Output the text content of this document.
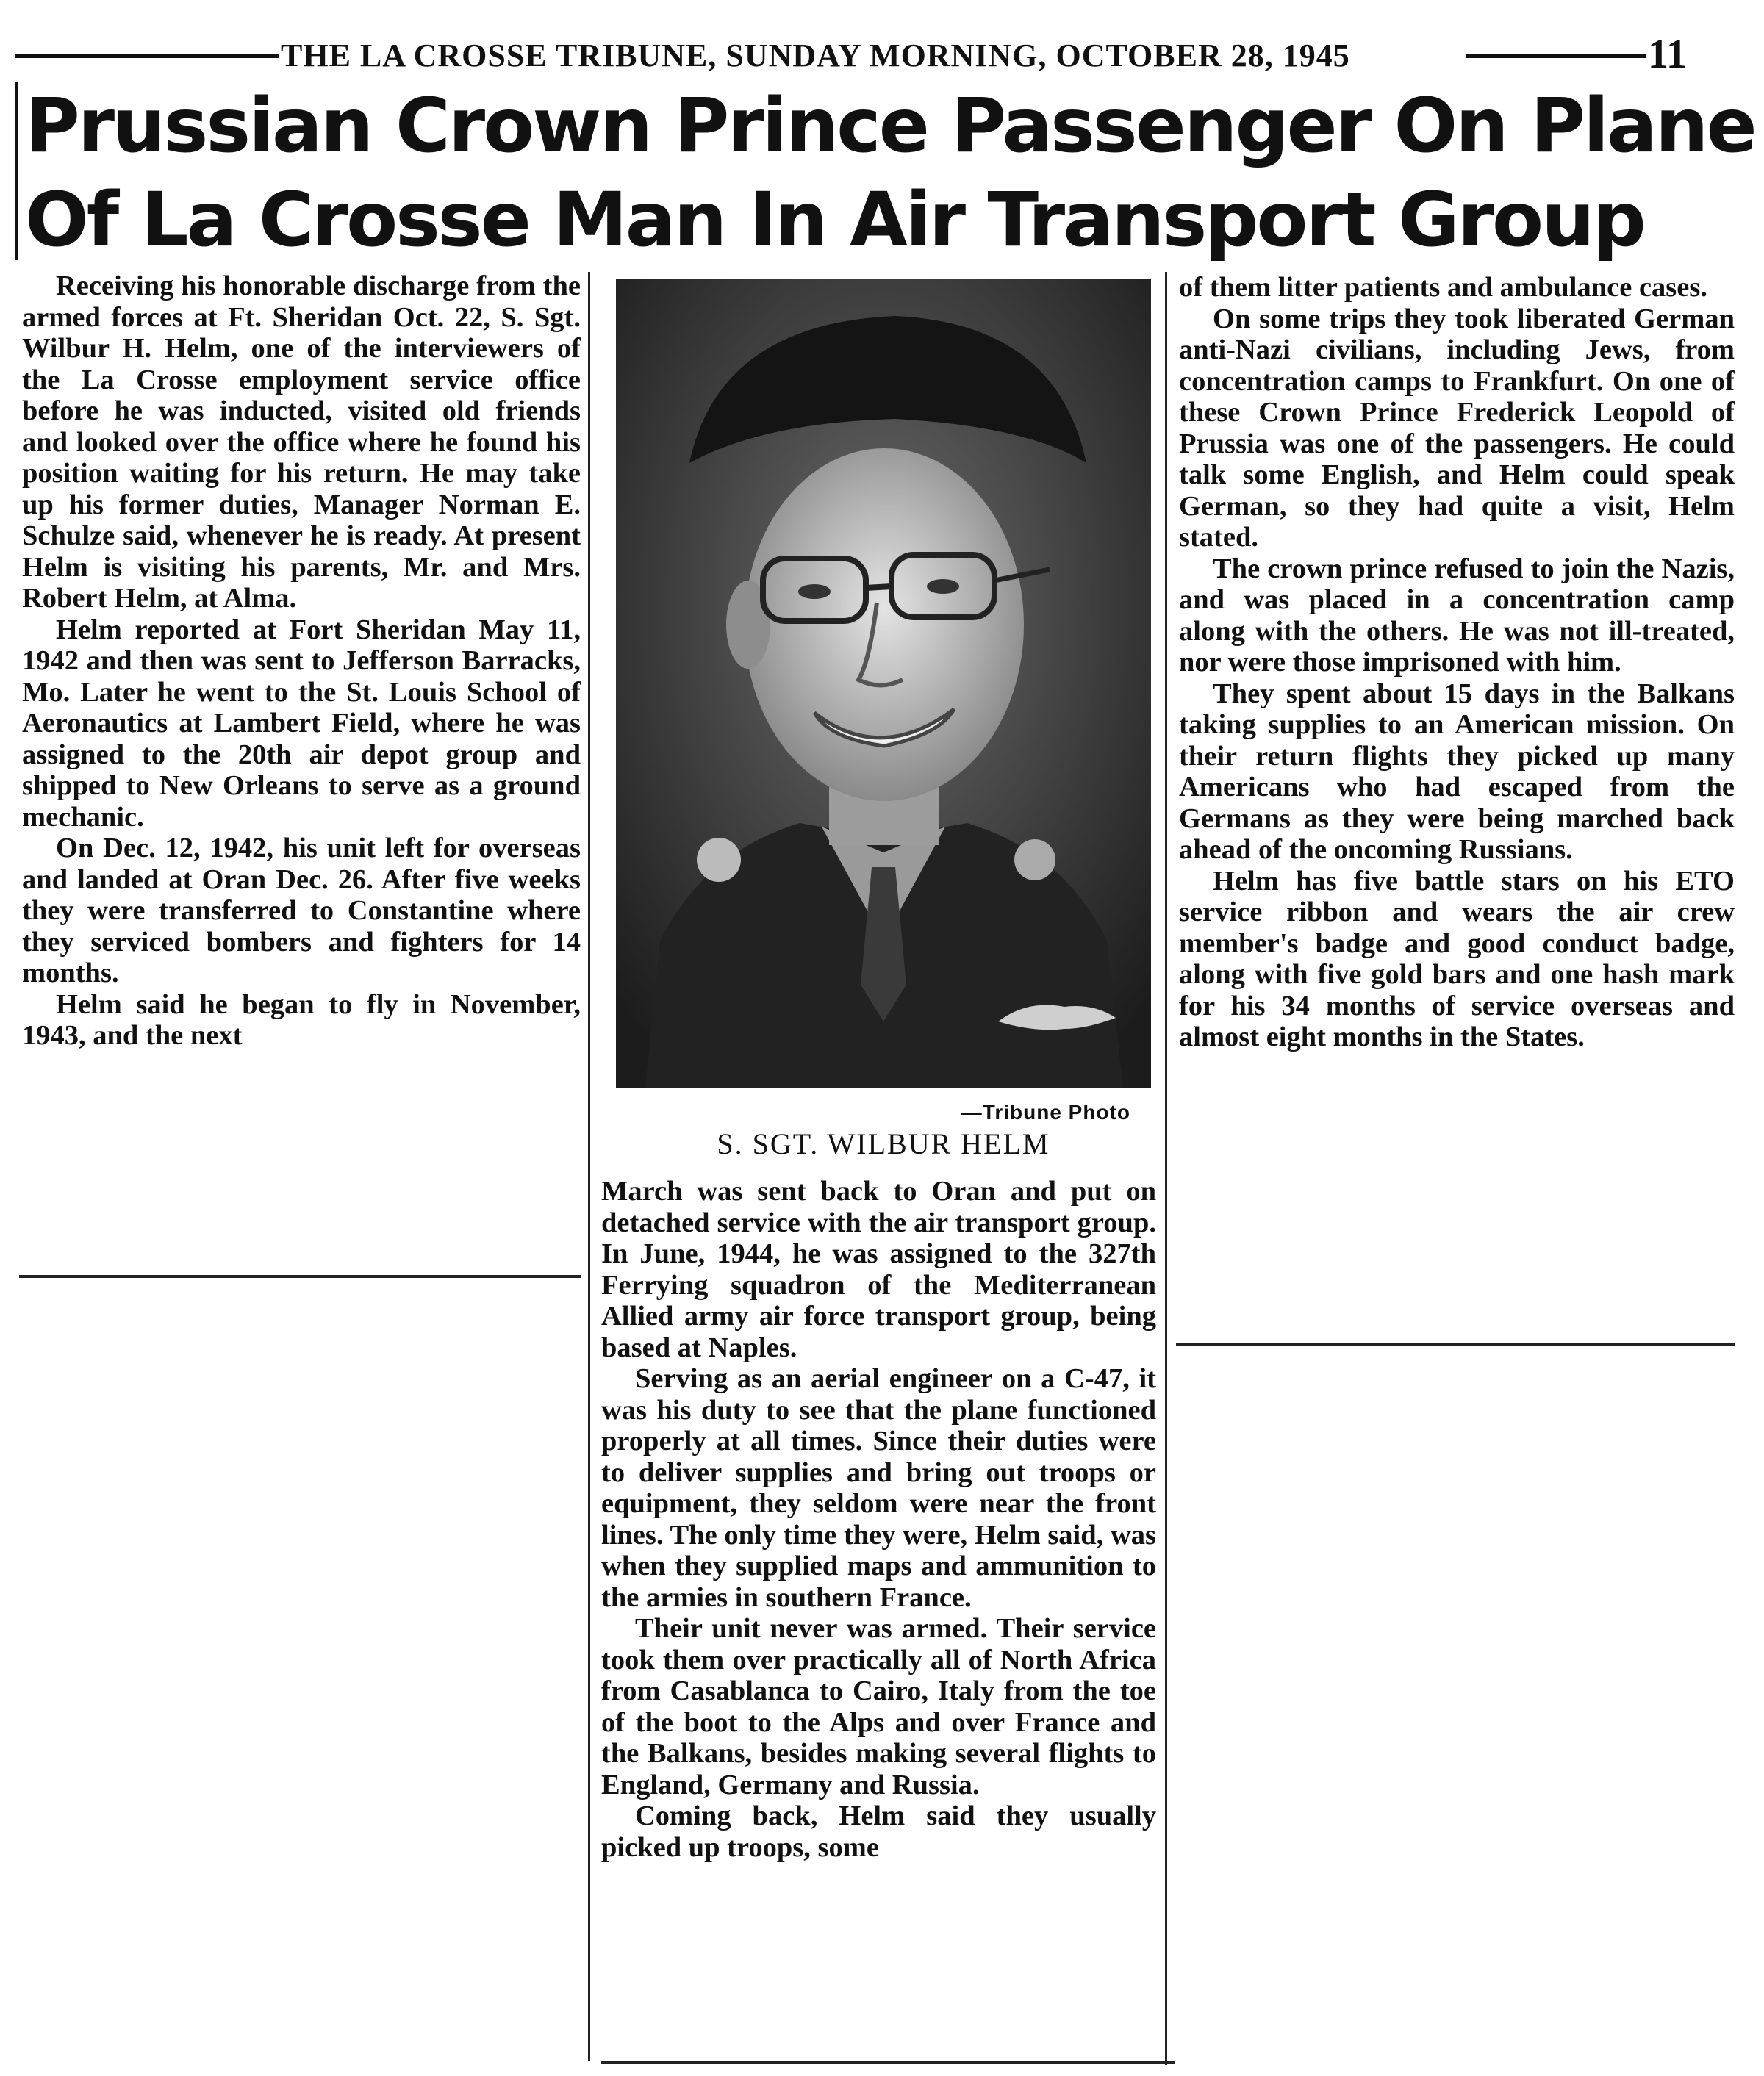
THE LA CROSSE TRIBUNE, SUNDAY MORNING, OCTOBER 28, 1945	11
Prussian Crown Prince Passenger On Plane
Of La Crosse Man In Air Transport Group

Receiving his honorable discharge from the armed forces at Ft. Sheridan Oct. 22, S. Sgt. Wilbur H. Helm, one of the interviewers of the La Crosse employment service office before he was inducted, visited old friends and looked over the office where he found his position waiting for his return. He may take up his former duties, Manager Norman E. Schulze said, whenever he is ready. At present Helm is visiting his parents, Mr. and Mrs. Robert Helm, at Alma.

Helm reported at Fort Sheridan May 11, 1942 and then was sent to Jefferson Barracks, Mo. Later he went to the St. Louis School of Aeronautics at Lambert Field, where he was assigned to the 20th air depot group and shipped to New Orleans to serve as a ground mechanic.

On Dec. 12, 1942, his unit left for overseas and landed at Oran Dec. 26. After five weeks they were transferred to Constantine where they serviced bombers and fighters for 14 months.

Helm said he began to fly in November, 1943, and the next

—Tribune Photo
S. SGT. WILBUR HELM

March was sent back to Oran and put on detached service with the air transport group. In June, 1944, he was assigned to the 327th Ferrying squadron of the Mediterranean Allied army air force transport group, being based at Naples.

Serving as an aerial engineer on a C-47, it was his duty to see that the plane functioned properly at all times. Since their duties were to deliver supplies and bring out troops or equipment, they seldom were near the front lines. The only time they were, Helm said, was when they supplied maps and ammunition to the armies in southern France.

Their unit never was armed. Their service took them over practically all of North Africa from Casablanca to Cairo, Italy from the toe of the boot to the Alps and over France and the Balkans, besides making several flights to England, Germany and Russia.

Coming back, Helm said they usually picked up troops, some

of them litter patients and ambulance cases.

On some trips they took liberated German anti-Nazi civilians, including Jews, from concentration camps to Frankfurt. On one of these Crown Prince Frederick Leopold of Prussia was one of the passengers. He could talk some English, and Helm could speak German, so they had quite a visit, Helm stated.

The crown prince refused to join the Nazis, and was placed in a concentration camp along with the others. He was not ill-treated, nor were those imprisoned with him.

They spent about 15 days in the Balkans taking supplies to an American mission. On their return flights they picked up many Americans who had escaped from the Germans as they were being marched back ahead of the oncoming Russians.

Helm has five battle stars on his ETO service ribbon and wears the air crew member's badge and good conduct badge, along with five gold bars and one hash mark for his 34 months of service overseas and almost eight months in the States.
